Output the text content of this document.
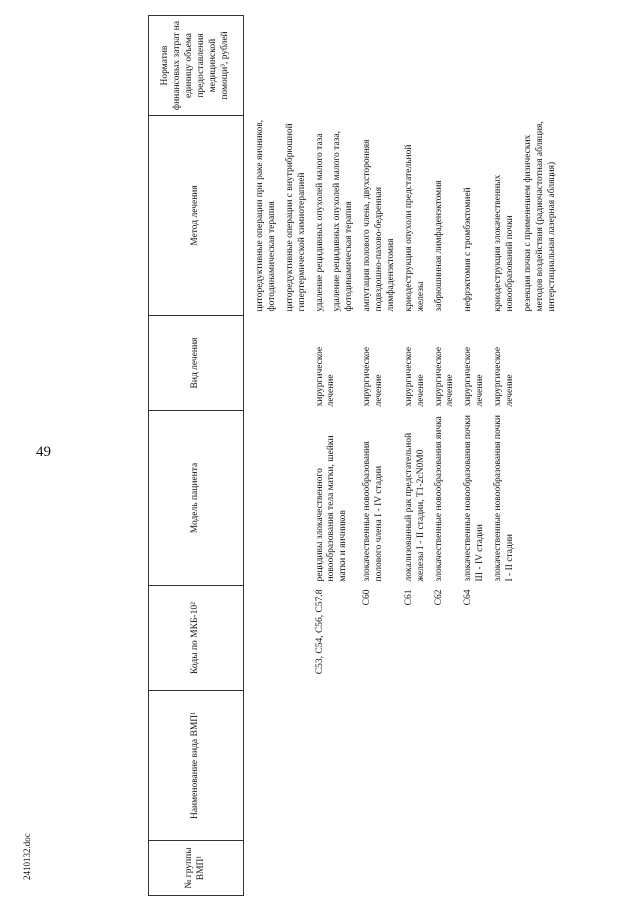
49
2410132.doc	№ группы ВМП¹	Наименование вида ВМП¹	Коды по МКБ-10²	Модель пациента	Вид лечения	Метод лечения	Норматив финансовых затрат на единицу объема предоставления медицинской помощи³, рублей

					циторедуктивные операции при раке яичников, фотодинамическая терапия циторедуктивные операции с внутрибрюшной гипертермической химиотерапией	

		C53, C54, C56, C57.8	рецидивы злокачественного новообразования тела матки, шейки матки и яичников	хирургическое лечение	удаление рецидивных опухолей малого таза удаление рецидивных опухолей малого таза, фотодинамическая терапия	

		C60	злокачественные новообразования полового члена I - IV стадии	хирургическое лечение	ампутация полового члена, двухсторонняя подвздошно-пахово-бедренная лимфаденэктомия	

		C61	локализованный рак предстательной железы I - II стадии, T1-2cN0M0	хирургическое лечение	криодеструкция опухоли предстательной железы	

		C62	злокачественные новообразования яичка	хирургическое лечение	забрюшинная лимфаденэктомия	

		C64	злокачественные новообразования почки III - IV стадии	хирургическое лечение	нефрэктомия с тромбэктомией	

			злокачественные новообразования почки I - II стадии	хирургическое лечение	криодеструкция злокачественных новообразований почки резекция почки с применением физических методов воздействия (радиочастотная абляция, интерстициальная лазерная абляция)	
